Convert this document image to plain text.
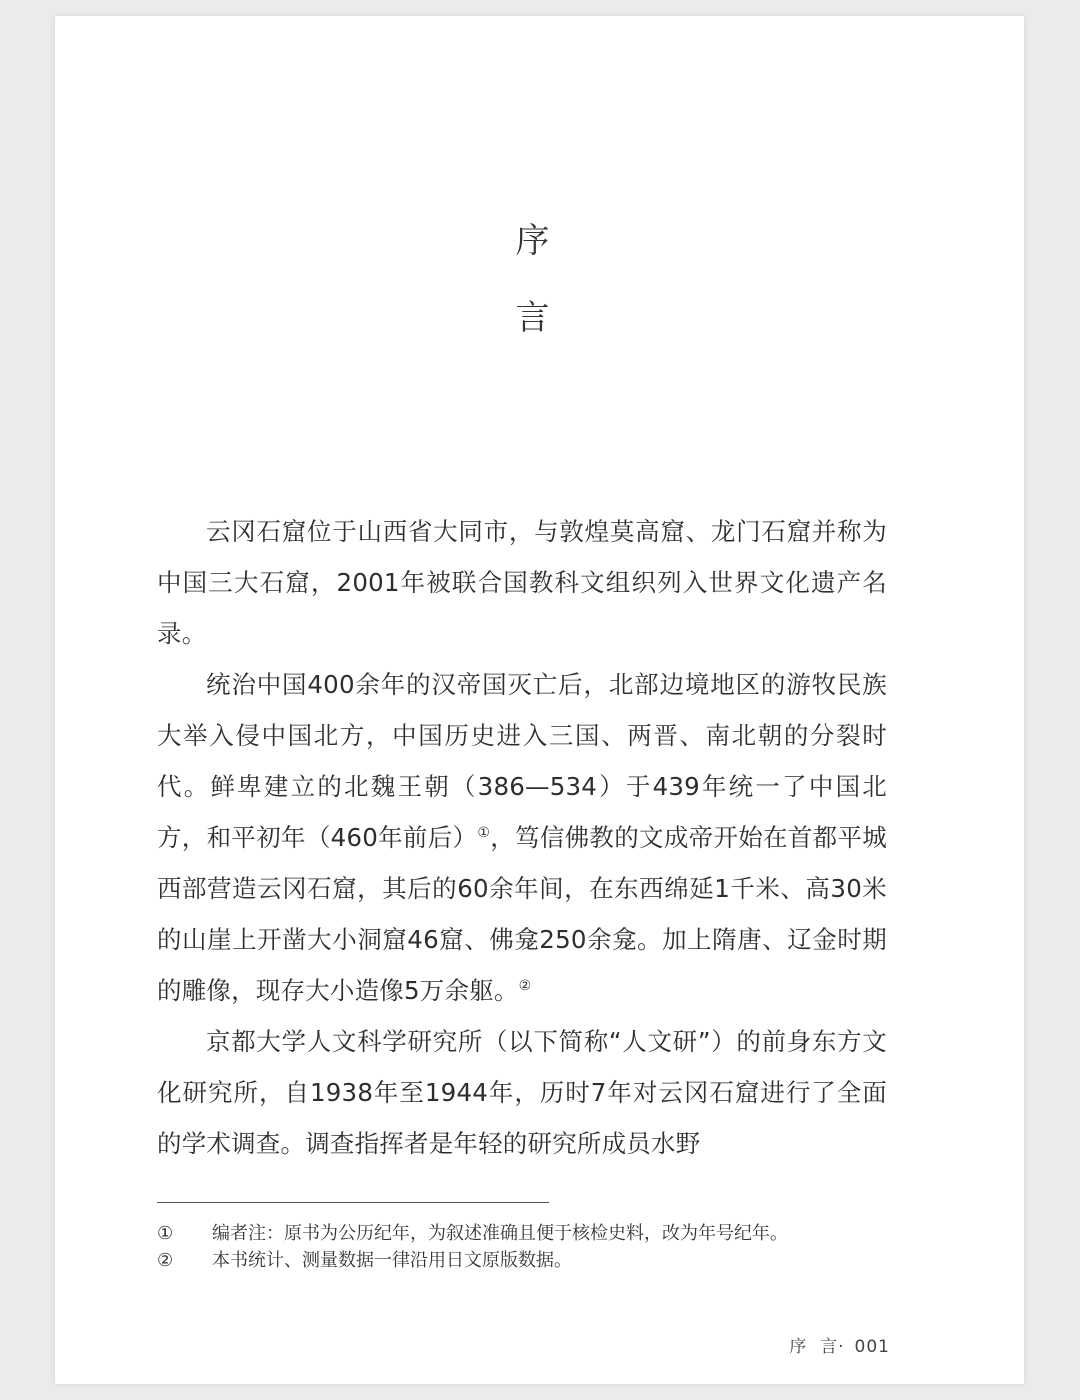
序
言

云冈石窟位于山西省大同市，与敦煌莫高窟、龙门石窟并称为中国三大石窟，2001年被联合国教科文组织列入世界文化遗产名录。

统治中国400余年的汉帝国灭亡后，北部边境地区的游牧民族大举入侵中国北方，中国历史进入三国、两晋、南北朝的分裂时代。鲜卑建立的北魏王朝（386—534）于439年统一了中国北方，和平初年（460年前后）①，笃信佛教的文成帝开始在首都平城西部营造云冈石窟，其后的60余年间，在东西绵延1千米、高30米的山崖上开凿大小洞窟46窟、佛龛250余龛。加上隋唐、辽金时期的雕像，现存大小造像5万余躯。②

京都大学人文科学研究所（以下简称“人文研”）的前身东方文化研究所，自1938年至1944年，历时7年对云冈石窟进行了全面的学术调查。调查指挥者是年轻的研究所成员水野

①	编者注：原书为公历纪年，为叙述准确且便于核检史料，改为年号纪年。
②	本书统计、测量数据一律沿用日文原版数据。
序  言· 001
